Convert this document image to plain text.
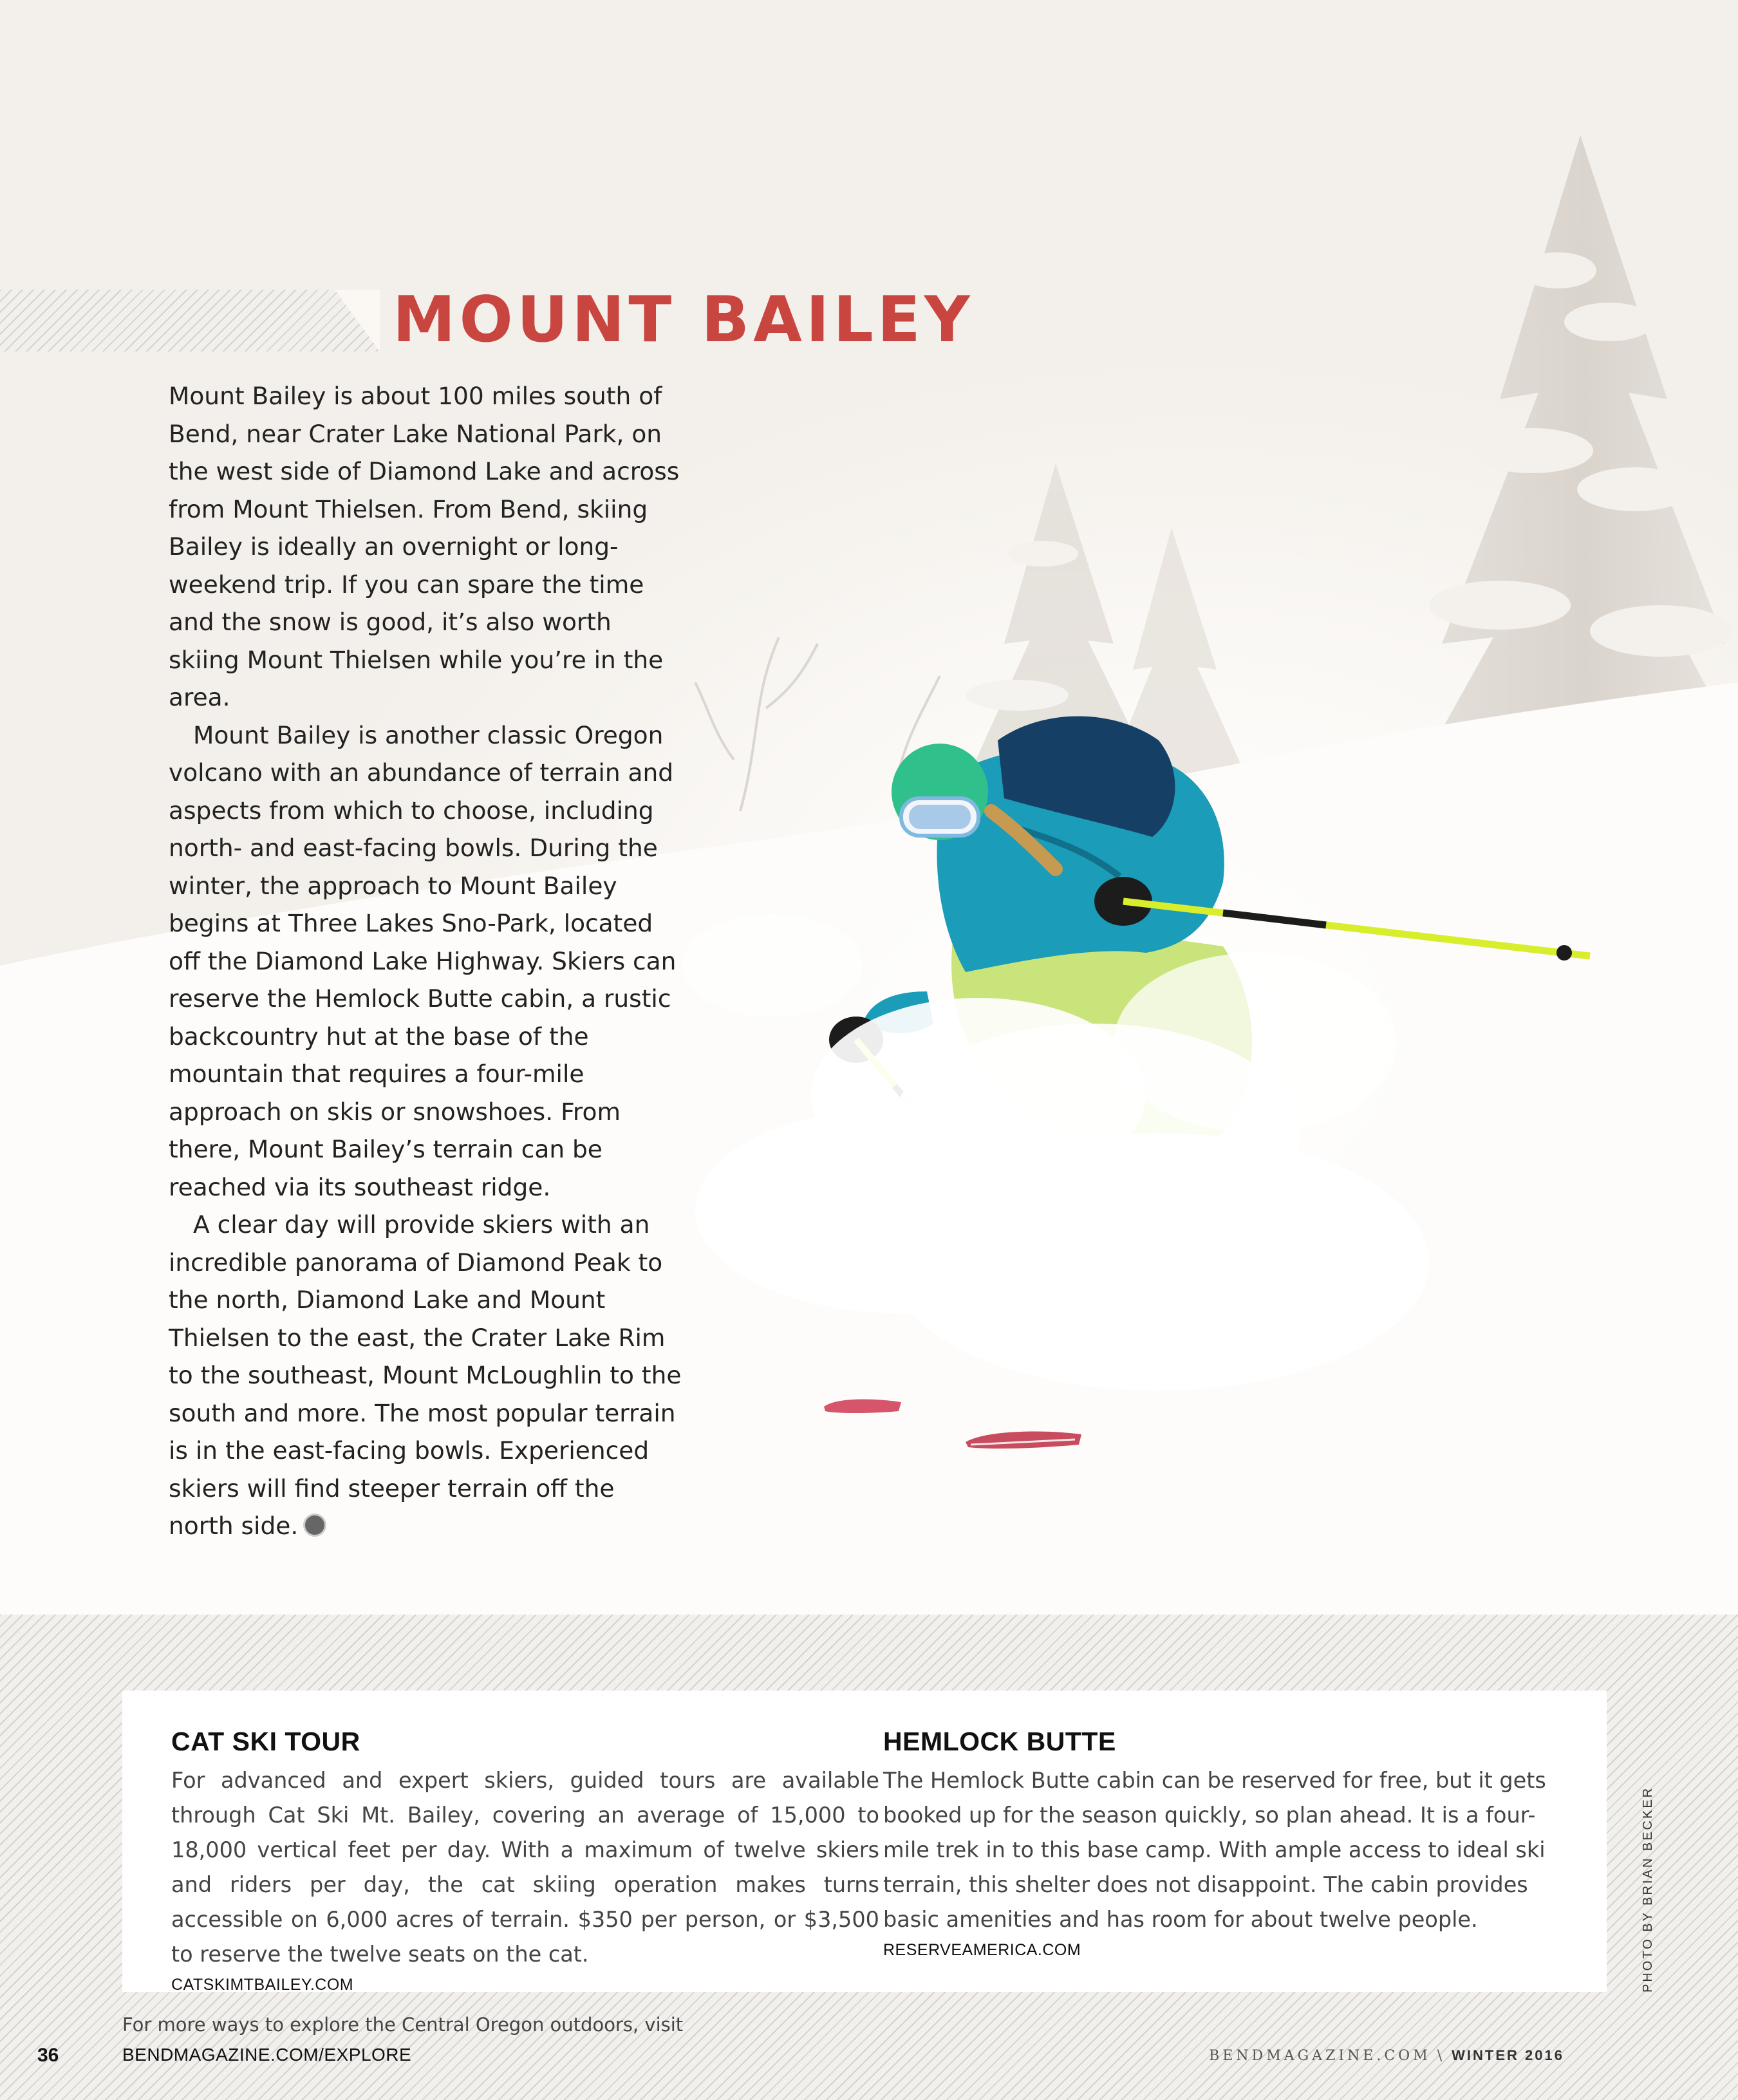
MOUNT BAILEY

Mount Bailey is about 100 miles south of Bend, near Crater Lake National Park, on the west side of Diamond Lake and across from Mount Thielsen. From Bend, skiing Bailey is ideally an overnight or long-weekend trip. If you can spare the time and the snow is good, it’s also worth skiing Mount Thielsen while you’re in the area.

Mount Bailey is another classic Oregon volcano with an abundance of terrain and aspects from which to choose, including north- and east-facing bowls. During the winter, the approach to Mount Bailey begins at Three Lakes Sno-Park, located off the Diamond Lake Highway. Skiers can reserve the Hemlock Butte cabin, a rustic backcountry hut at the base of the mountain that requires a four-mile approach on skis or snowshoes. From there, Mount Bailey’s terrain can be reached via its southeast ridge.

A clear day will provide skiers with an incredible panorama of Diamond Peak to the north, Diamond Lake and Mount Thielsen to the east, the Crater Lake Rim to the southeast, Mount McLoughlin to the south and more. The most popular terrain is in the east-facing bowls. Experienced skiers will find steeper terrain off the north side.

CAT SKI TOUR
For advanced and expert skiers, guided tours are available through Cat Ski Mt. Bailey, covering an average of 15,000 to 18,000 vertical feet per day. With a maximum of twelve skiers and riders per day, the cat skiing operation makes turns accessible on 6,000 acres of terrain. $350 per person, or $3,500 to reserve the twelve seats on the cat.
CATSKIMTBAILEY.COM
HEMLOCK BUTTE
The Hemlock Butte cabin can be reserved for free, but it gets booked up for the season quickly, so plan ahead. It is a four-mile trek in to this base camp. With ample access to ideal ski terrain, this shelter does not disappoint. The cabin provides basic amenities and has room for about twelve people.
RESERVEAMERICA.COM	PHOTO BY BRIAN BECKER
For more ways to explore the Central Oregon outdoors, visit
BENDMAGAZINE.COM/EXPLORE
36	BENDMAGAZINE.COM \ WINTER 2016
